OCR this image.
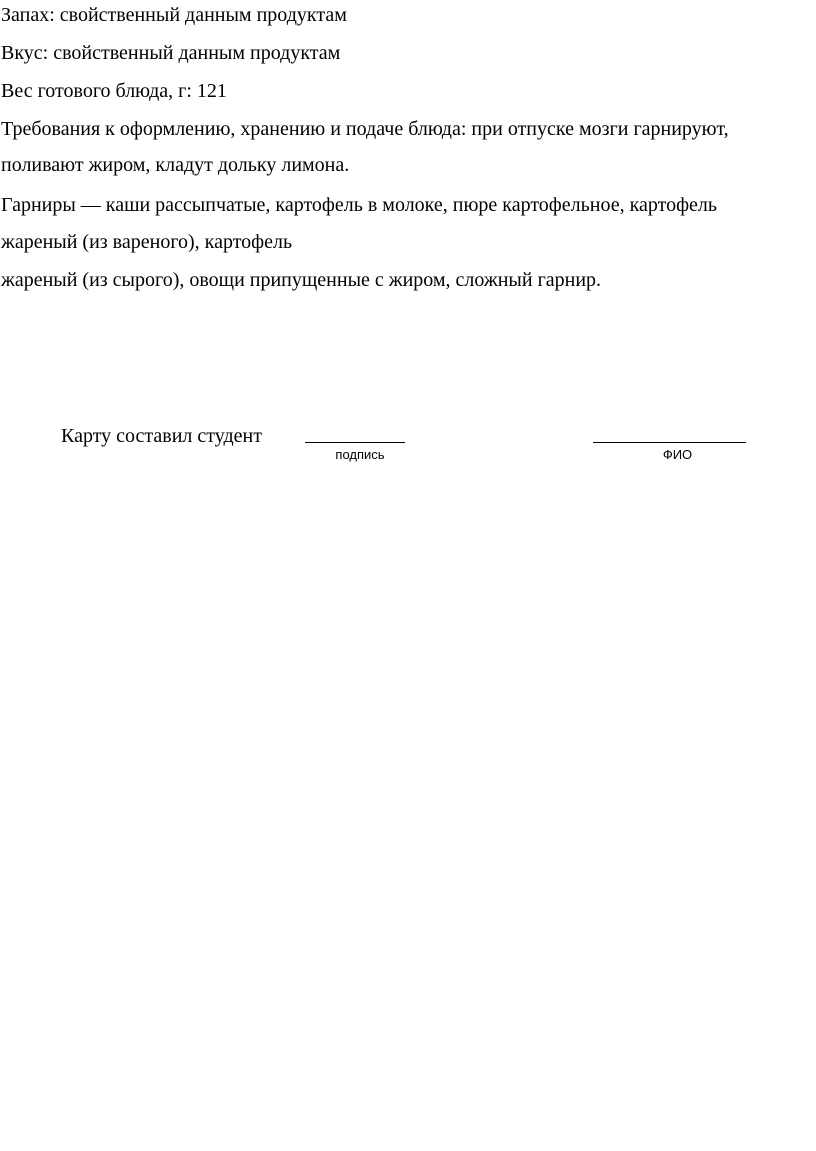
Запах: свойственный данным продуктам
Вкус: свойственный данным продуктам
Вес готового блюда, г: 121
Требования к оформлению, хранению и подаче блюда: при отпуске мозги гарнируют,
поливают жиром, кладут дольку лимона.
Гарниры — каши рассыпчатые, картофель в молоке, пюре картофельное, картофель
жареный (из вареного), картофель
жареный (из сырого), овощи припущенные с жиром, сложный гарнир.
Карту составил студент
подпись	ФИО
